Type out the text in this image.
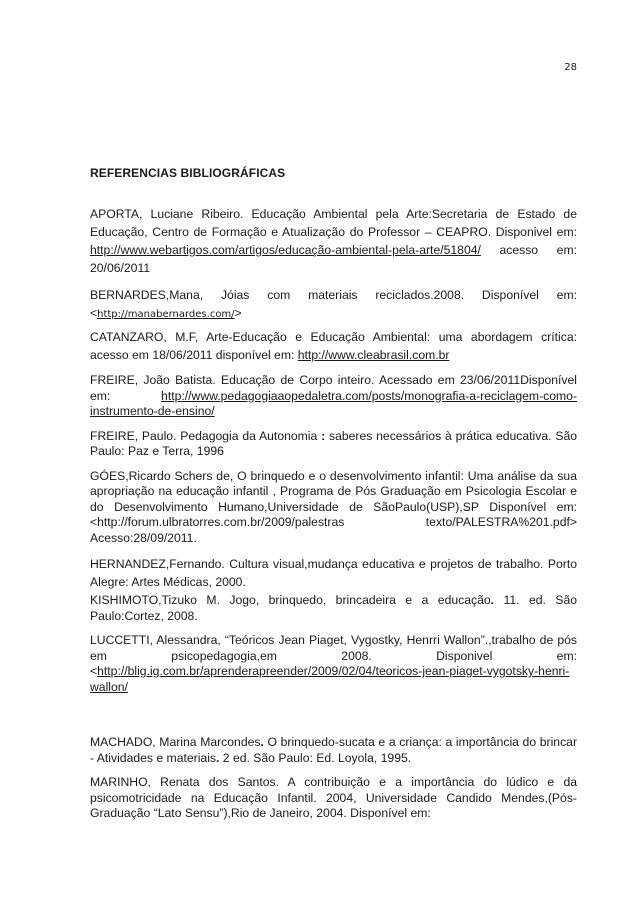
28
REFERENCIAS BIBLIOGRÁFICAS

APORTA, Luciane Ribeiro. Educação Ambiental pela Arte:Secretaria de Estado de Educação, Centro de Formação e Atualização do Professor – CEAPRO. Disponivel em: http://www.webartigos.com/artigos/educação-ambiental-pela-arte/51804/ acesso em: 20/06/2011

BERNARDES,Mana, Jóias com materiais reciclados.2008. Disponível em: <http://manabernardes.com/>

CATANZARO, M.F, Arte-Educação e Educação Ambiental: uma abordagem crítica: acesso em 18/06/2011 disponível em: http://www.cleabrasil.com.br

FREIRE, João Batista. Educação de Corpo inteiro. Acessado em 23/06/2011Disponível em: http://www.pedagogiaaopedaletra.com/posts/monografia-a-reciclagem-como-instrumento-de-ensino/

FREIRE, Paulo. Pedagogia da Autonomia : saberes necessários à prática educativa. São Paulo: Paz e Terra, 1996

GÓES,Ricardo Schers de, O brinquedo e o desenvolvimento infantil: Uma análise da sua apropriação na educação infantil , Programa de Pós Graduação em Psicologia Escolar e do Desenvolvimento Humano,Universidade de SãoPaulo(USP),SP Disponível em:<http://forum.ulbratorres.com.br/2009/palestras texto/PALESTRA%201.pdf> Acesso:28/09/2011.

HERNANDEZ,Fernando. Cultura visual,mudança educativa e projetos de trabalho. Porto Alegre: Artes Médicas, 2000.

KISHIMOTO,Tizuko M. Jogo, brinquedo, brincadeira e a educação. 11. ed. São Paulo:Cortez, 2008.

LUCCETTI, Alessandra, “Teóricos Jean Piaget, Vygostky, Henrri Wallon”.,trabalho de pós em psicopedagogia,em 2008. Disponivel em:<http://blig.ig.com.br/aprenderapreender/2009/02/04/teoricos-jean-piaget-vygotsky-henri-wallon/

MACHADO, Marina Marcondes. O brinquedo-sucata e a criança: a importância do brincar - Atividades e materiais. 2 ed. São Paulo: Ed. Loyola, 1995.

MARINHO, Renata dos Santos. A contribuição e a importância do lúdico e da psicomotricidade na Educação Infantil. 2004, Universidade Candido Mendes,(Pós-Graduação “Lato Sensu”),Rio de Janeiro, 2004. Disponível em:
